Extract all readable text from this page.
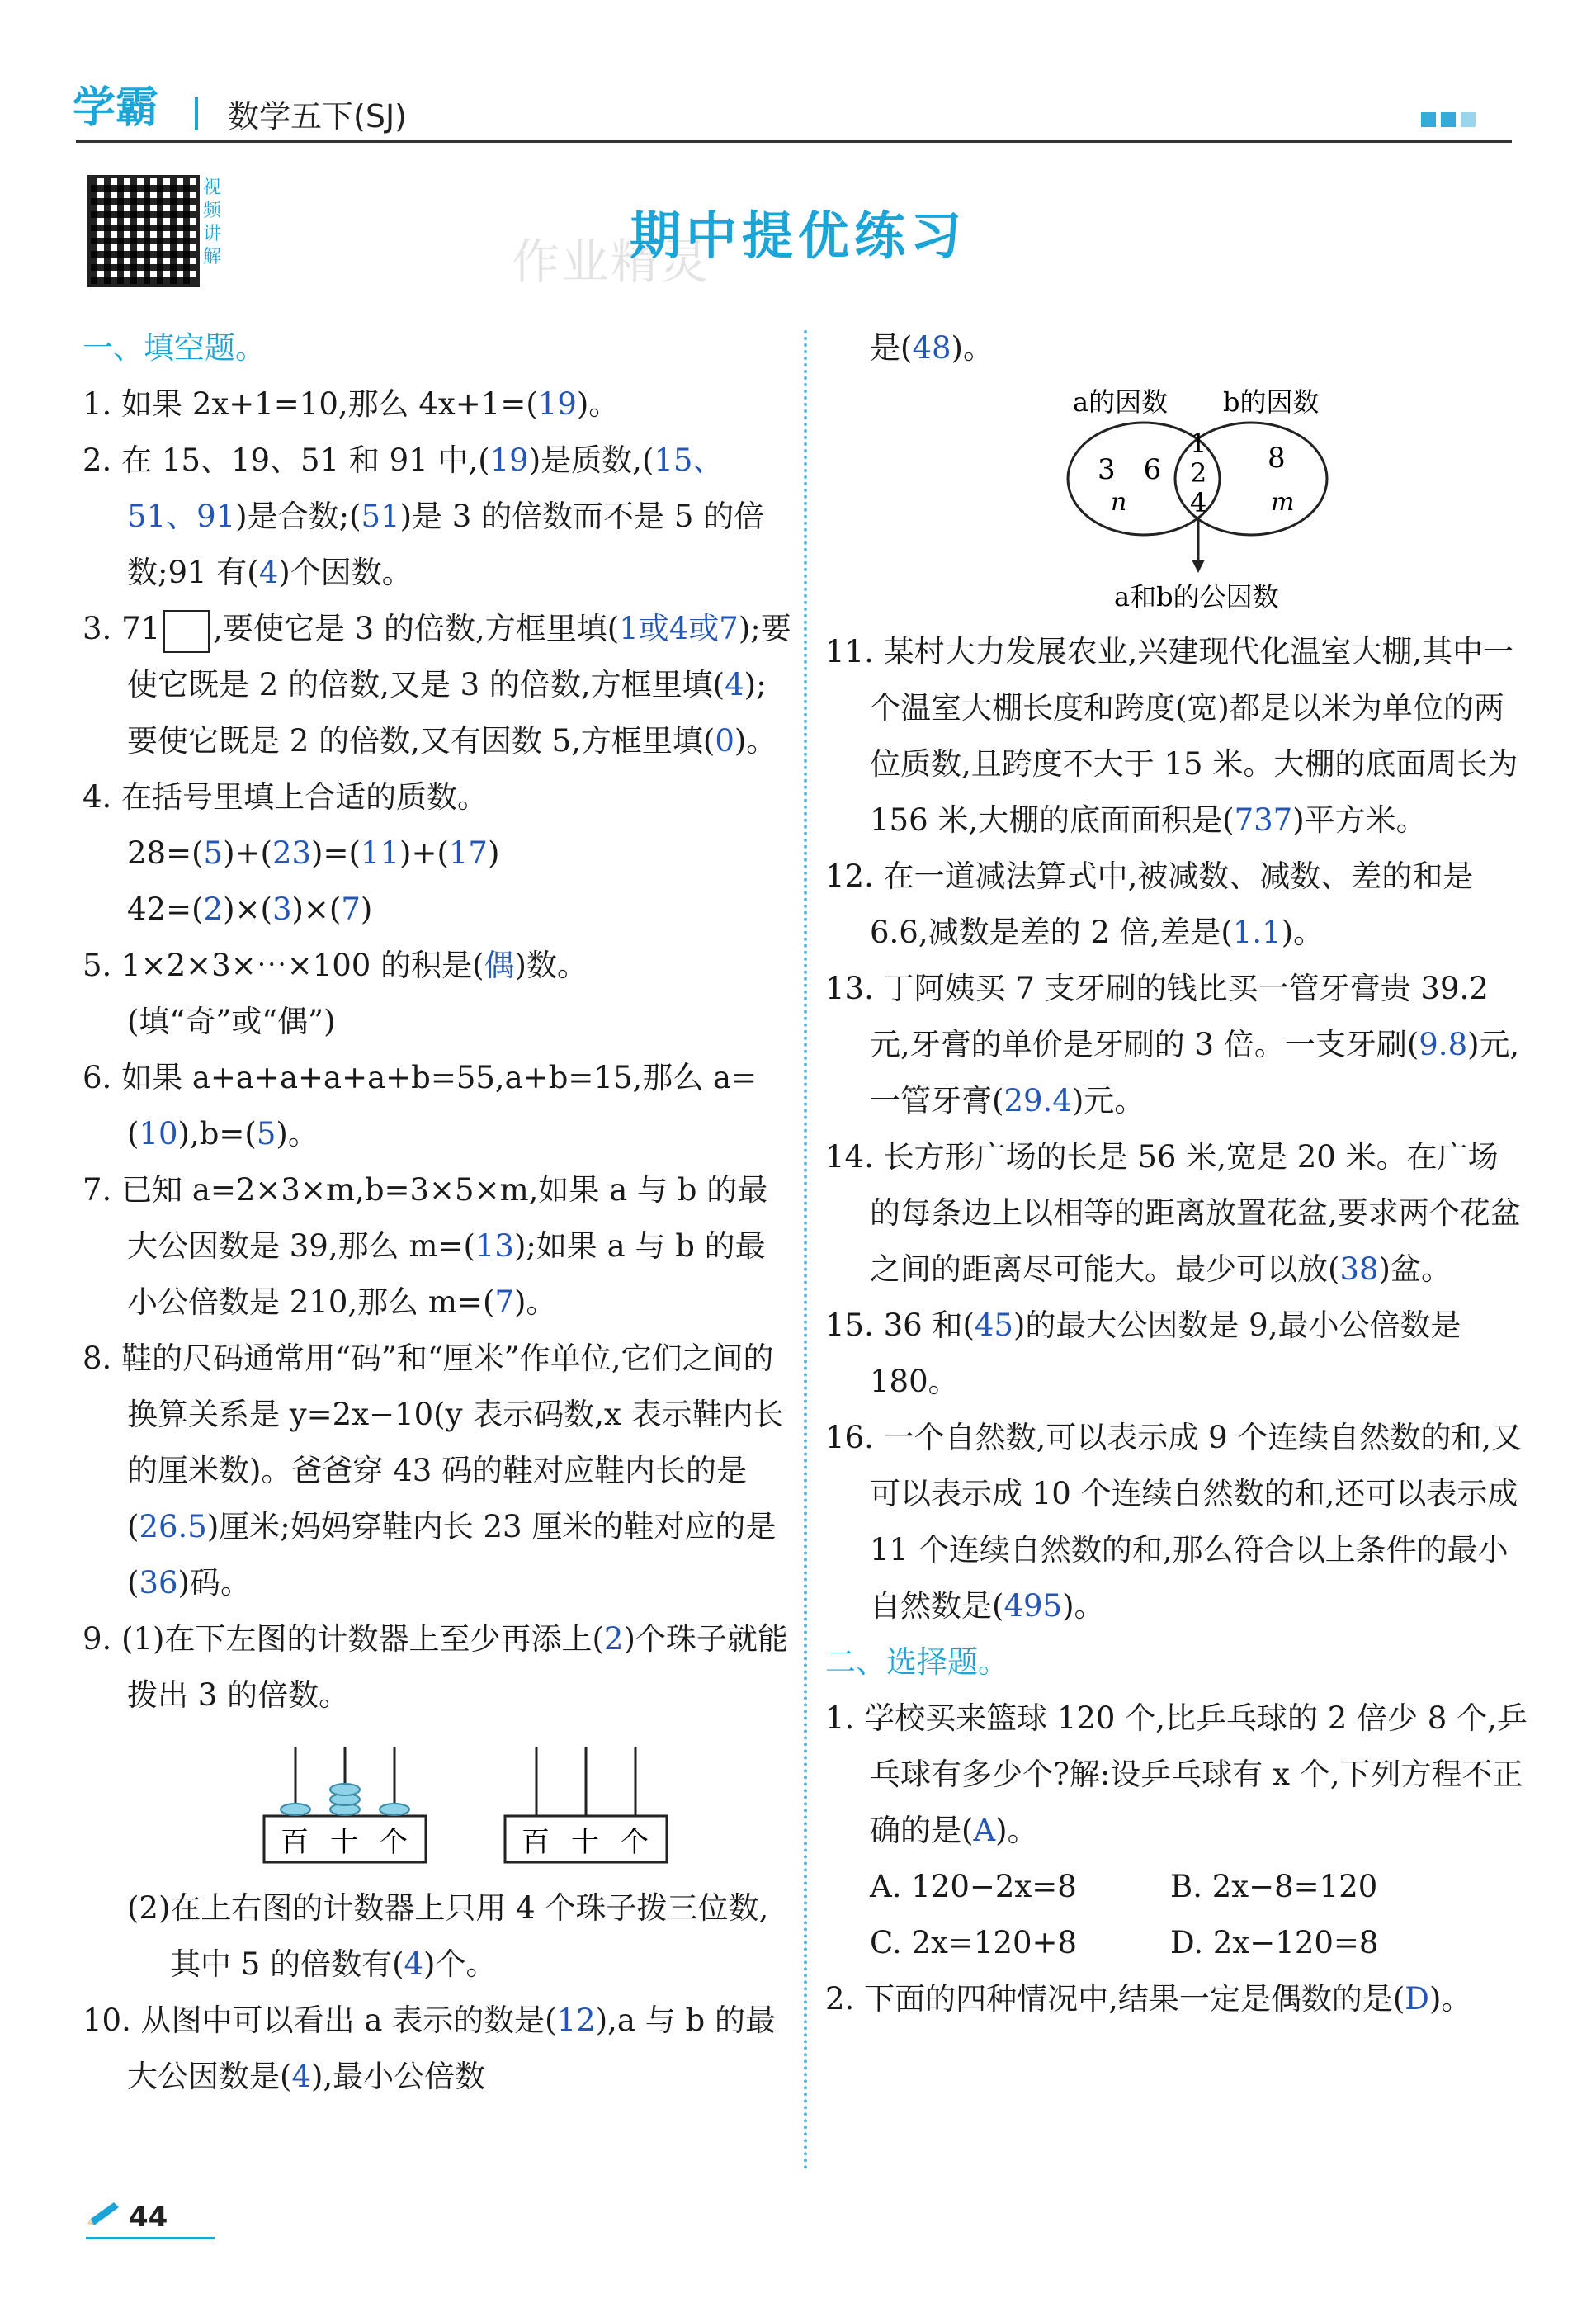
学霸 数学五下(SJ)
视频讲解	作业精灵
期中提优练习
一、填空题。

1. 如果 2x+1=10,那么 4x+1=(19)。

2. 在 15、19、51 和 91 中,(19)是质数,(15、51、91)是合数;(51)是 3 的倍数而不是 5 的倍数;91 有(4)个因数。

3. 71 ,要使它是 3 的倍数,方框里填(1或4或7);要使它既是 2 的倍数,又是 3 的倍数,方框里填(4);要使它既是 2 的倍数,又有因数 5,方框里填(0)。

4. 在括号里填上合适的质数。

28=(5)+(23)=(11)+(17)

42=(2)×(3)×(7)

5. 1×2×3×⋯×100 的积是(偶)数。(填“奇”或“偶”)

6. 如果 a+a+a+a+a+b=55,a+b=15,那么 a=(10),b=(5)。

7. 已知 a=2×3×m,b=3×5×m,如果 a 与 b 的最大公因数是 39,那么 m=(13);如果 a 与 b 的最小公倍数是 210,那么 m=(7)。

8. 鞋的尺码通常用“码”和“厘米”作单位,它们之间的换算关系是 y=2x−10(y 表示码数,x 表示鞋内长的厘米数)。爸爸穿 43 码的鞋对应鞋内长的是(26.5)厘米;妈妈穿鞋内长 23 厘米的鞋对应的是(36)码。

9. (1)在下左图的计数器上至少再添上(2)个珠子就能拨出 3 的倍数。

百 十 个	百 十 个

(2)在上右图的计数器上只用 4 个珠子拨三位数,其中 5 的倍数有(4)个。

10. 从图中可以看出 a 表示的数是(12),a 与 b 的最大公因数是(4),最小公倍数

是(48)。

a的因数 b的因数
3　6
1
2
4
8
n	m
a和b的公因数

11. 某村大力发展农业,兴建现代化温室大棚,其中一个温室大棚长度和跨度(宽)都是以米为单位的两位质数,且跨度不大于 15 米。大棚的底面周长为 156 米,大棚的底面面积是(737)平方米。

12. 在一道减法算式中,被减数、减数、差的和是 6.6,减数是差的 2 倍,差是(1.1)。

13. 丁阿姨买 7 支牙刷的钱比买一管牙膏贵 39.2 元,牙膏的单价是牙刷的 3 倍。一支牙刷(9.8)元,一管牙膏(29.4)元。

14. 长方形广场的长是 56 米,宽是 20 米。在广场的每条边上以相等的距离放置花盆,要求两个花盆之间的距离尽可能大。最少可以放(38)盆。

15. 36 和(45)的最大公因数是 9,最小公倍数是 180。

16. 一个自然数,可以表示成 9 个连续自然数的和,又可以表示成 10 个连续自然数的和,还可以表示成 11 个连续自然数的和,那么符合以上条件的最小自然数是(495)。

二、选择题。

1. 学校买来篮球 120 个,比乒乓球的 2 倍少 8 个,乒乓球有多少个?解:设乒乓球有 x 个,下列方程不正确的是(A)。

A. 120−2x=8	B. 2x−8=120
C. 2x=120+8	D. 2x−120=8

2. 下面的四种情况中,结果一定是偶数的是(D)。

44
